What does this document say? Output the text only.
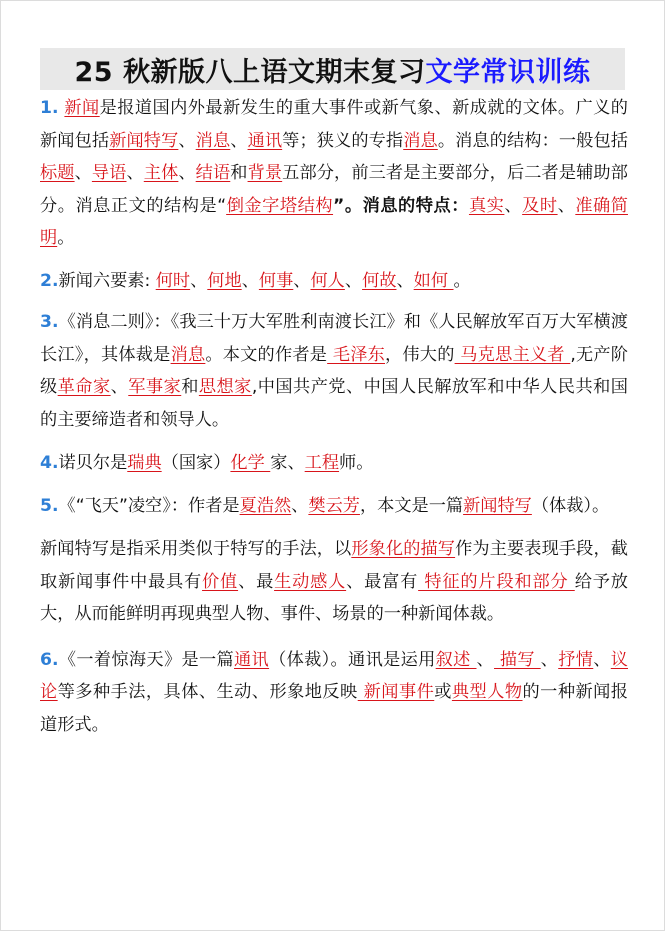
25 秋新版八上语文期末复习 文学常识训练

1. 新闻是报道国内外最新发生的重大事件或新气象、新成就的文体。广义的新闻包括新闻特写、消息、通讯等；狭义的专指消息。消息的结构：一般包括标题、导语、主体、结语和背景五部分，前三者是主要部分，后二者是辅助部分。消息正文的结构是“倒金字塔结构”。消息的特点：真实、及时、准确简明。

2.新闻六要素: 何时、何地、何事、何人、何故、如何 。

3.《消息二则》：《我三十万大军胜利南渡长江》和《人民解放军百万大军横渡长江》，其体裁是消息。本文的作者是 毛泽东，伟大的 马克思主义者 ,无产阶级革命家、军事家和思想家,中国共产党、中国人民解放军和中华人民共和国的主要缔造者和领导人。

4.诺贝尔是瑞典（国家）化学 家、工程师。

5.《“飞天”凌空》：作者是夏浩然、樊云芳，本文是一篇新闻特写（体裁）。

新闻特写是指采用类似于特写的手法，以形象化的描写作为主要表现手段，截取新闻事件中最具有价值、最生动感人、最富有 特征的片段和部分 给予放大，从而能鲜明再现典型人物、事件、场景的一种新闻体裁。

6.《一着惊海天》是一篇通讯（体裁）。通讯是运用叙述 、 描写 、抒情、议论等多种手法，具体、生动、形象地反映 新闻事件或典型人物的一种新闻报道形式。
